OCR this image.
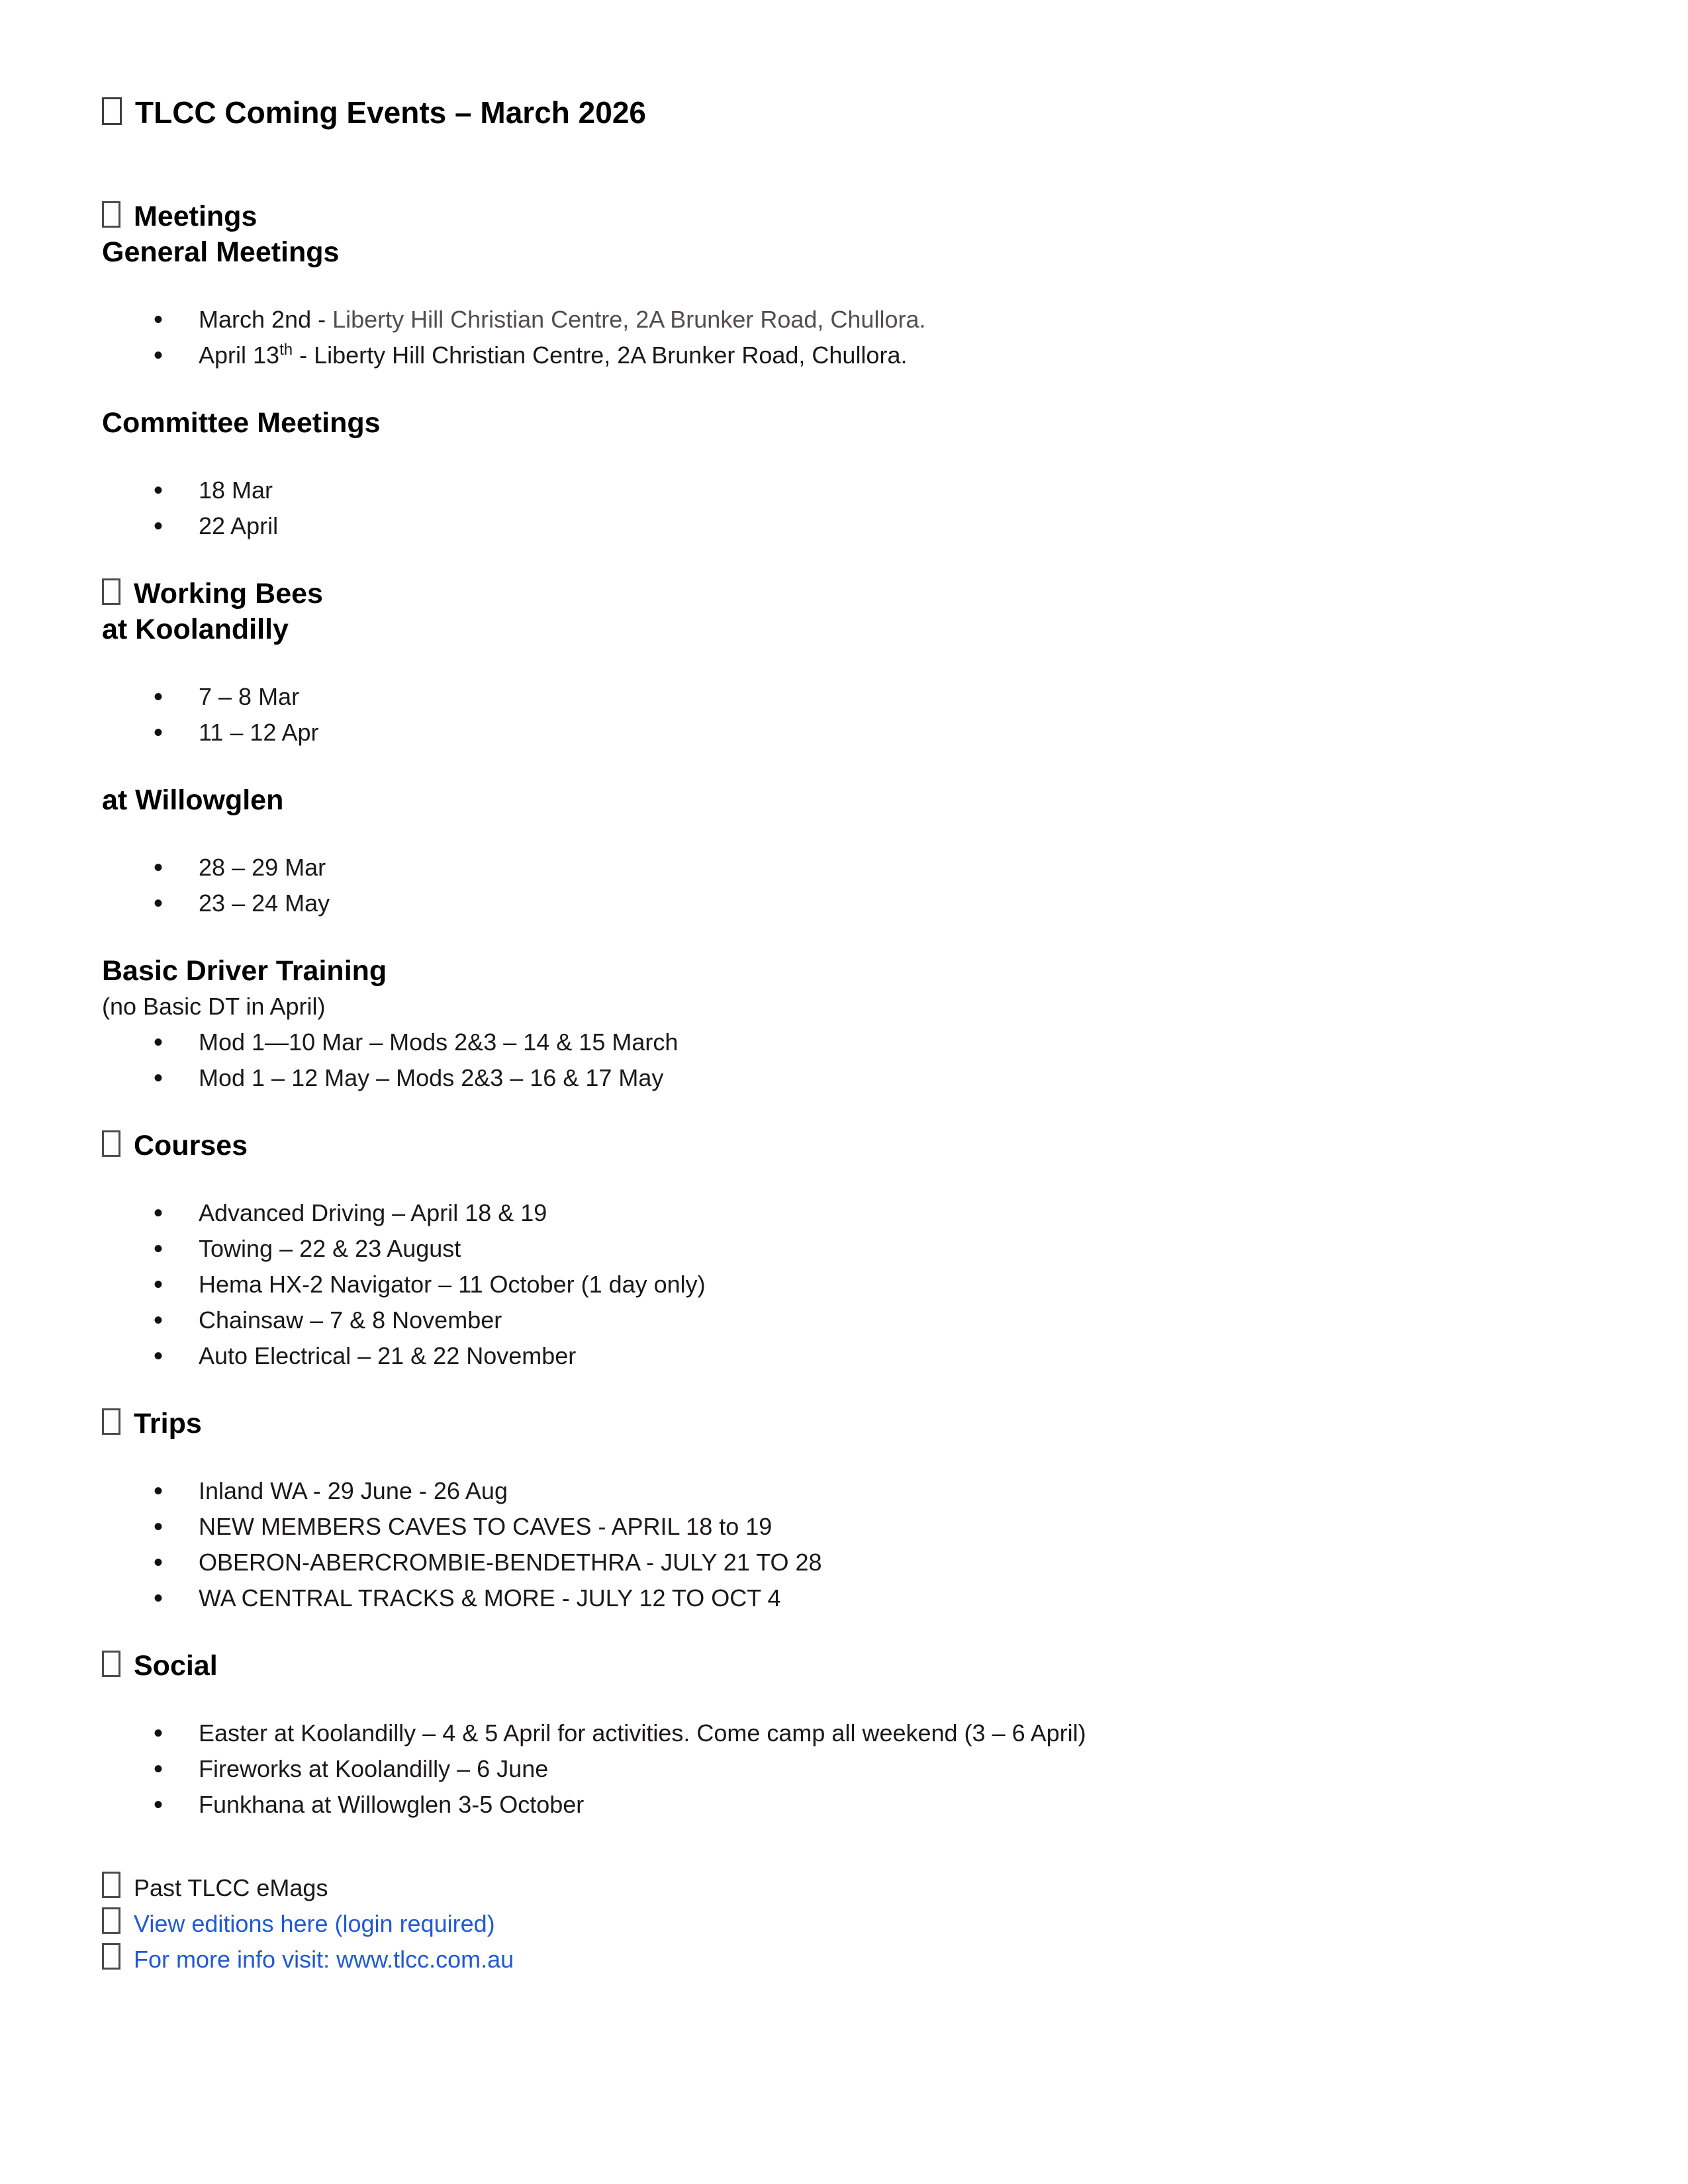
TLCC Coming Events – March 2026

Meetings

General Meetings

• March 2nd - Liberty Hill Christian Centre, 2A Brunker Road, Chullora.
• April 13th - Liberty Hill Christian Centre, 2A Brunker Road, Chullora.

Committee Meetings

• 18 Mar
• 22 April

Working Bees

at Koolandilly

• 7 – 8 Mar
• 11 – 12 Apr

at Willowglen

• 28 – 29 Mar
• 23 – 24 May

Basic Driver Training

(no Basic DT in April)

• Mod 1—10 Mar – Mods 2&3 – 14 & 15 March
• Mod 1 – 12 May – Mods 2&3 – 16 & 17 May

Courses

• Advanced Driving – April 18 & 19
• Towing – 22 & 23 August
• Hema HX-2 Navigator – 11 October (1 day only)
• Chainsaw – 7 & 8 November
• Auto Electrical – 21 & 22 November

Trips

• Inland WA - 29 June - 26 Aug
• NEW MEMBERS CAVES TO CAVES - APRIL 18 to 19
• OBERON-ABERCROMBIE-BENDETHRA - JULY 21 TO 28
• WA CENTRAL TRACKS & MORE - JULY 12 TO OCT 4

Social

• Easter at Koolandilly – 4 & 5 April for activities. Come camp all weekend (3 – 6 April)
• Fireworks at Koolandilly – 6 June
• Funkhana at Willowglen 3-5 October

Past TLCC eMags

View editions here (login required)

For more info visit: www.tlcc.com.au
